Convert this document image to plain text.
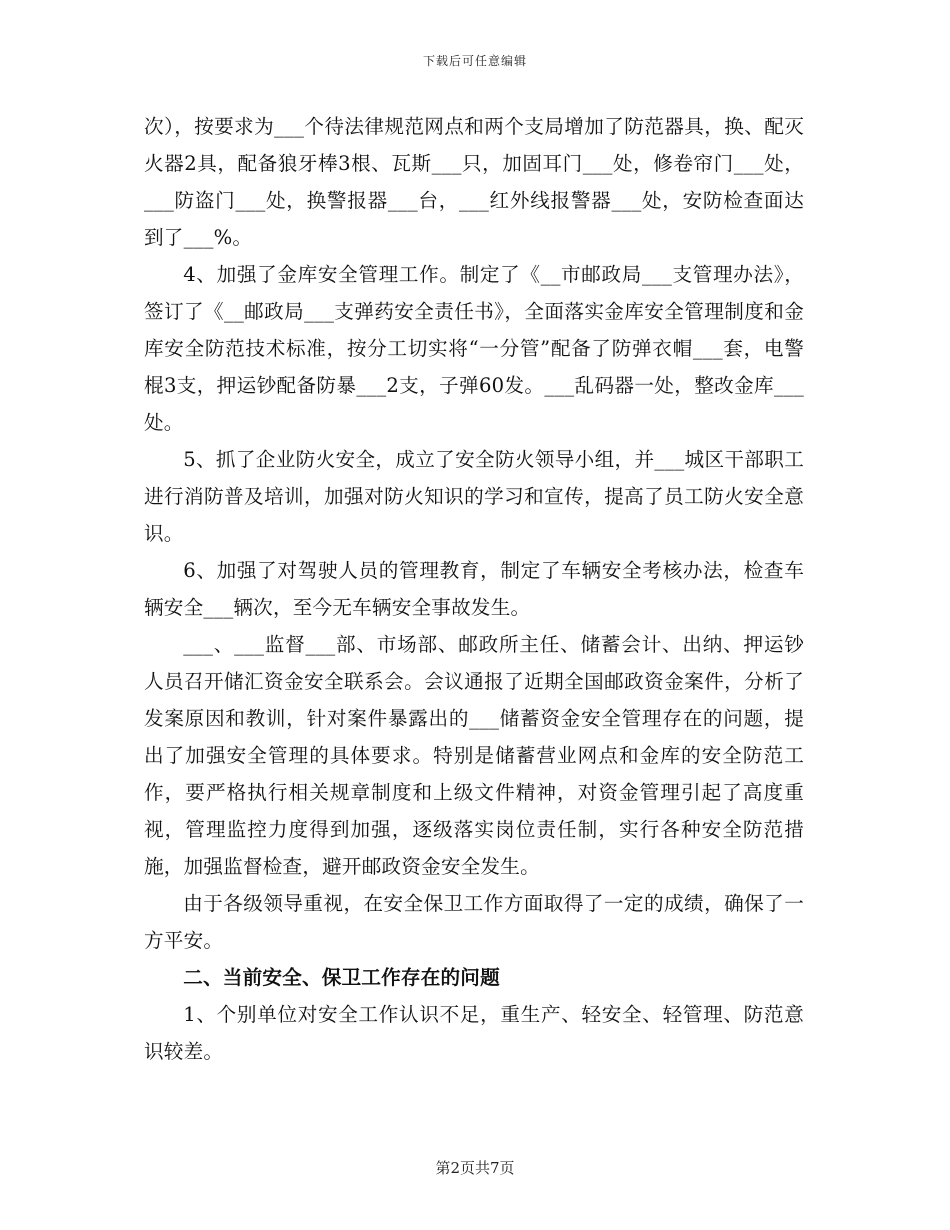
下载后可任意编辑

次），按要求为___个待法律规范网点和两个支局增加了防范器具，换、配灭火器2具，配备狼牙棒3根、瓦斯___只，加固耳门___处，修卷帘门___处，___防盗门___处，换警报器___台，___红外线报警器___处，安防检查面达到了___%。

4、加强了金库安全管理工作。制定了《__市邮政局___支管理办法》，签订了《__邮政局___支弹药安全责任书》，全面落实金库安全管理制度和金库安全防范技术标准，按分工切实将“一分管”配备了防弹衣帽___套，电警棍3支，押运钞配备防暴___2支，子弹60发。___乱码器一处，整改金库___处。

5、抓了企业防火安全，成立了安全防火领导小组，并___城区干部职工进行消防普及培训，加强对防火知识的学习和宣传，提高了员工防火安全意识。

6、加强了对驾驶人员的管理教育，制定了车辆安全考核办法，检查车辆安全___辆次，至今无车辆安全事故发生。

___、___监督___部、市场部、邮政所主任、储蓄会计、出纳、押运钞人员召开储汇资金安全联系会。会议通报了近期全国邮政资金案件，分析了发案原因和教训，针对案件暴露出的___储蓄资金安全管理存在的问题，提出了加强安全管理的具体要求。特别是储蓄营业网点和金库的安全防范工作，要严格执行相关规章制度和上级文件精神，对资金管理引起了高度重视，管理监控力度得到加强，逐级落实岗位责任制，实行各种安全防范措施，加强监督检查，避开邮政资金安全发生。

由于各级领导重视，在安全保卫工作方面取得了一定的成绩，确保了一方平安。

二、当前安全、保卫工作存在的问题

1、个别单位对安全工作认识不足，重生产、轻安全、轻管理、防范意识较差。

第2页共7页
